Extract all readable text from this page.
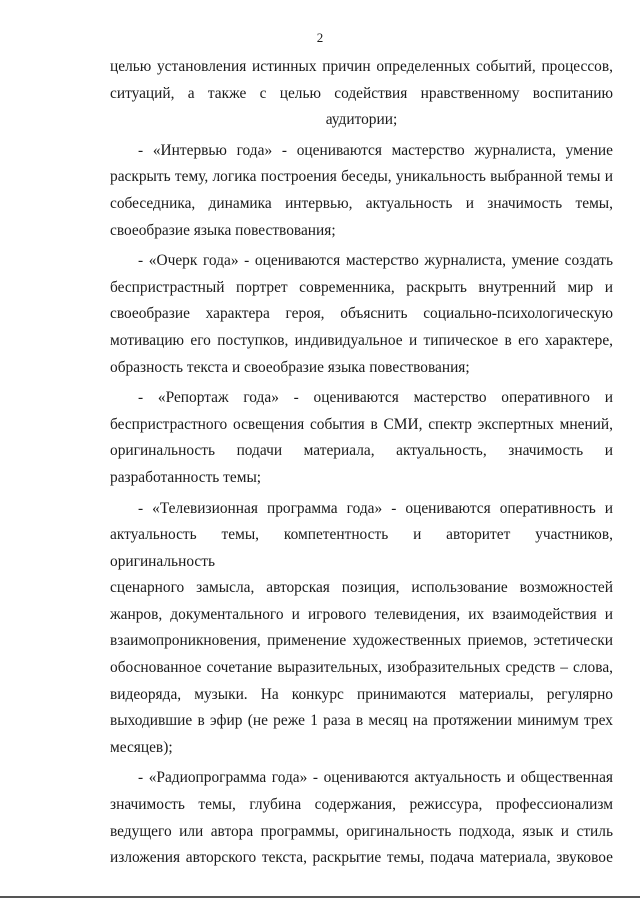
2

целью установления истинных причин определенных событий, процессов,

ситуаций, а также с целью содействия нравственному воспитанию

аудитории;

- «Интервью года» - оцениваются мастерство журналиста, умение

раскрыть тему, логика построения беседы, уникальность выбранной темы и

собеседника, динамика интервью, актуальность и значимость темы,

своеобразие языка повествования;

- «Очерк года» - оцениваются мастерство журналиста, умение создать

беспристрастный портрет современника, раскрыть внутренний мир и

своеобразие характера героя, объяснить социально-психологическую

мотивацию его поступков, индивидуальное и типическое в его характере,

образность текста и своеобразие языка повествования;

- «Репортаж года» - оцениваются мастерство оперативного и

беспристрастного освещения события в СМИ, спектр экспертных мнений,

оригинальность подачи материала, актуальность, значимость и

разработанность темы;

- «Телевизионная программа года» - оцениваются оперативность и

актуальность темы, компетентность и авторитет участников, оригинальность

сценарного замысла, авторская позиция, использование возможностей

жанров, документального и игрового телевидения, их взаимодействия и

взаимопроникновения, применение художественных приемов, эстетически

обоснованное сочетание выразительных, изобразительных средств – слова,

видеоряда, музыки. На конкурс принимаются материалы, регулярно

выходившие в эфир (не реже 1 раза в месяц на протяжении минимум трех

месяцев);

- «Радиопрограмма года» - оцениваются актуальность и общественная

значимость темы, глубина содержания, режиссура, профессионализм

ведущего или автора программы, оригинальность подхода, язык и стиль

изложения авторского текста, раскрытие темы, подача материала, звуковое
